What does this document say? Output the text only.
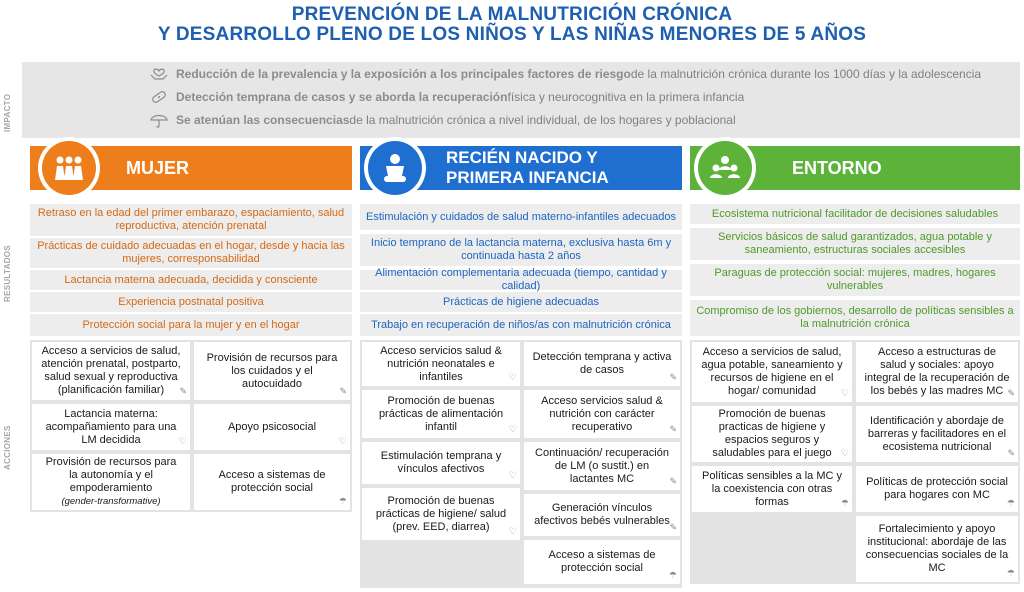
PREVENCIÓN DE LA MALNUTRICIÓN CRÓNICA
Y DESARROLLO PLENO DE LOS NIÑOS Y LAS NIÑAS MENORES DE 5 AÑOS
IMPACTO
RESULTADOS
ACCIONES
Reducción de la prevalencia y la exposición a los principales factores de riesgo de la malnutrición crónica durante los 1000 días y la adolescencia
Detección temprana de casos y se aborda la recuperación física y neurocognitiva en la primera infancia
Se atenúan las consecuencias de la malnutrición crónica a nivel individual, de los hogares y poblacional
MUJER
RECIÉN NACIDO Y
PRIMERA INFANCIA	ENTORNO
Retraso en la edad del primer embarazo, espaciamiento, salud reproductiva, atención prenatal
Prácticas de cuidado adecuadas en el hogar, desde y hacia las mujeres, corresponsabilidad
Lactancia materna adecuada, decidida y consciente
Experiencia postnatal positiva
Protección social para la mujer y en el hogar
Estimulación y cuidados de salud materno-infantiles adecuados
Inicio temprano de la lactancia materna, exclusiva hasta 6m y continuada hasta 2 años
Alimentación complementaria adecuada (tiempo, cantidad y calidad)
Prácticas de higiene adecuadas
Trabajo en recuperación de niños/as con malnutrición crónica
Ecosistema nutricional facilitador de decisiones saludables
Servicios básicos de salud garantizados, agua potable y saneamiento, estructuras sociales accesibles
Paraguas de protección social: mujeres, madres, hogares vulnerables
Compromiso de los gobiernos, desarrollo de políticas sensibles a la malnutrición crónica
Acceso a servicios de salud, atención prenatal, postparto, salud sexual y reproductiva (planificación familiar)	✎
Lactancia materna: acompañamiento para una LM decidida	♡
Provisión de recursos para la autonomía y el empoderamiento
(gender-transformative)
Provisión de recursos para los cuidados y el autocuidado
✎
Apoyo psicosocial
♡
Acceso a sistemas de protección social
☂
Acceso servicios salud & nutrición neonatales e infantiles	♡
Promoción de buenas prácticas de alimentación infantil	♡
Estimulación temprana y vínculos afectivos	♡
Promoción de buenas prácticas de higiene/ salud (prev. EED, diarrea)	♡
Detección temprana y activa de casos
✎
Acceso servicios salud & nutrición con carácter recuperativo	✎
Continuación/ recuperación de LM (o sustit.) en lactantes MC	✎
Generación vínculos afectivos bebés vulnerables ✎
Acceso a sistemas de protección social
☂
Acceso a servicios de salud, agua potable, saneamiento y recursos de higiene en el hogar/ comunidad	♡
Promoción de buenas practicas de higiene y espacios seguros y saludables para el juego	♡
Políticas sensibles a la MC y la coexistencia con otras formas	☂
Acceso a estructuras de salud y sociales: apoyo integral de la recuperación de los bebés y las madres MC ✎
Identificación y abordaje de barreras y facilitadores en el ecosistema nutricional
✎
Políticas de protección social para hogares con MC
☂
Fortalecimiento y apoyo institucional: abordaje de las consecuencias sociales de la MC	☂
